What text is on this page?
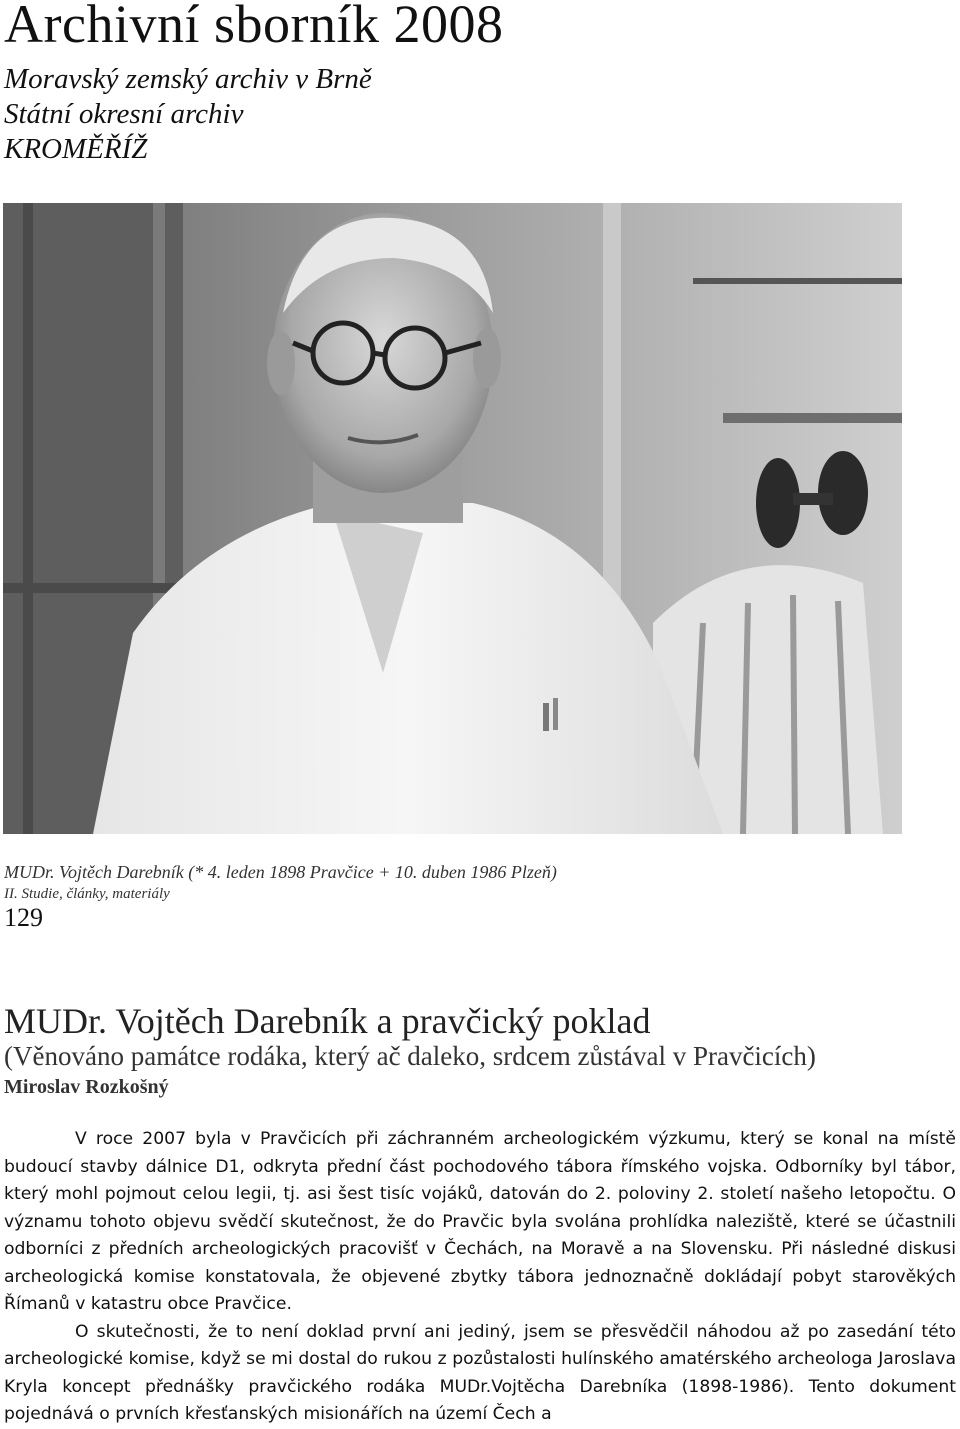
Archivní sborník 2008
Moravský zemský archiv v Brně
Státní okresní archiv
KROMĚŘÍŽ
MUDr. Vojtěch Darebník (* 4. leden 1898 Pravčice + 10. duben 1986 Plzeň)
II. Studie, články, materiály
129
MUDr. Vojtěch Darebník a pravčický poklad
(Věnováno památce rodáka, který ač daleko, srdcem zůstával v Pravčicích)
Miroslav Rozkošný

V roce 2007 byla v Pravčicích při záchranném archeologickém výzkumu, který se konal na místě budoucí stavby dálnice D1, odkryta přední část pochodového tábora římského vojska. Odborníky byl tábor, který mohl pojmout celou legii, tj. asi šest tisíc vojáků, datován do 2. poloviny 2. století našeho letopočtu. O významu tohoto objevu svědčí skutečnost, že do Pravčic byla svolána prohlídka naleziště, které se účastnili odborníci z předních archeologických pracovišť v Čechách, na Moravě a na Slovensku. Při následné diskusi archeologická komise konstatovala, že objevené zbytky tábora jednoznačně dokládají pobyt starověkých Římanů v katastru obce Pravčice.

O skutečnosti, že to není doklad první ani jediný, jsem se přesvědčil náhodou až po zasedání této archeologické komise, když se mi dostal do rukou z pozůstalosti hulínského amatérského archeologa Jaroslava Kryla koncept přednášky pravčického rodáka MUDr.Vojtěcha Darebníka (1898-1986). Tento dokument pojednává o prvních křesťanských misionářích na území Čech a
